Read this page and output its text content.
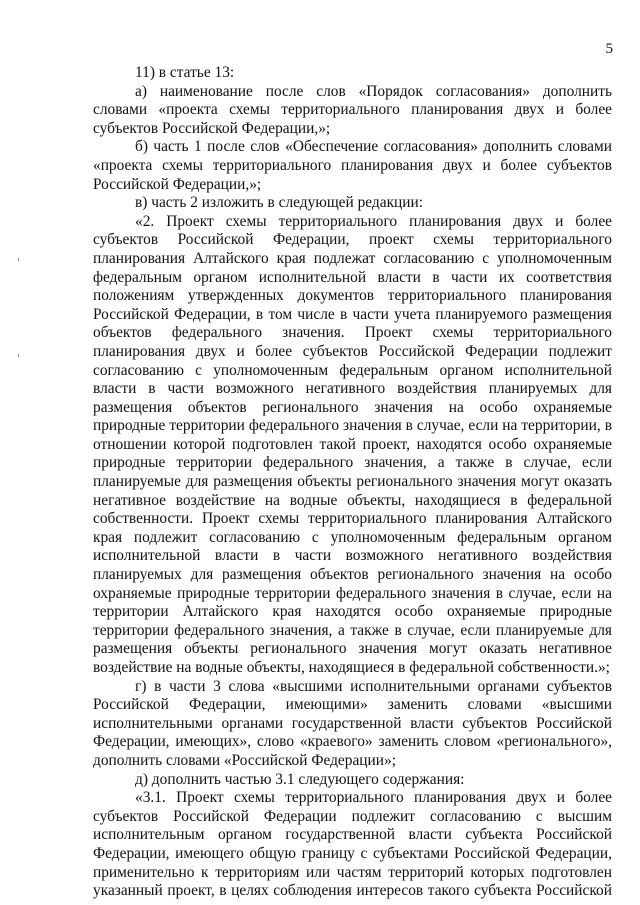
5

11) в статье 13:

а) наименование после слов «Порядок согласования» дополнить словами «проекта схемы территориального планирования двух и более субъектов Российской Федерации,»;

б) часть 1 после слов «Обеспечение согласования» дополнить словами «проекта схемы территориального планирования двух и более субъектов Российской Федерации,»;

в) часть 2 изложить в следующей редакции:

«2. Проект схемы территориального планирования двух и более субъектов Российской Федерации, проект схемы территориального планирования Алтайского края подлежат согласованию с уполномоченным федеральным органом исполнительной власти в части их соответствия положениям утвержденных документов территориального планирования Российской Федерации, в том числе в части учета планируемого размещения объектов федерального значения. Проект схемы территориального планирования двух и более субъектов Российской Федерации подлежит согласованию с уполномоченным федеральным органом исполнительной власти в части возможного негативного воздействия планируемых для размещения объектов регионального значения на особо охраняемые природные территории федерального значения в случае, если на территории, в отношении которой подготовлен такой проект, находятся особо охраняемые природные территории федерального значения, а также в случае, если планируемые для размещения объекты регионального значения могут оказать негативное воздействие на водные объекты, находящиеся в федеральной собственности. Проект схемы территориального планирования Алтайского края подлежит согласованию с уполномоченным федеральным органом исполнительной власти в части возможного негативного воздействия планируемых для размещения объектов регионального значения на особо охраняемые природные территории федерального значения в случае, если на территории Алтайского края находятся особо охраняемые природные территории федерального значения, а также в случае, если планируемые для размещения объекты регионального значения могут оказать негативное воздействие на водные объекты, находящиеся в федеральной собственности.»;

г) в части 3 слова «высшими исполнительными органами субъектов Российской Федерации, имеющими» заменить словами «высшими исполнительными органами государственной власти субъектов Российской Федерации, имеющих», слово «краевого» заменить словом «регионального», дополнить словами «Российской Федерации»;

д) дополнить частью 3.1 следующего содержания:

«3.1. Проект схемы территориального планирования двух и более субъектов Российской Федерации подлежит согласованию с высшим исполнительным органом государственной власти субъекта Российской Федерации, имеющего общую границу с субъектами Российской Федерации, применительно к территориям или частям территорий которых подготовлен указанный проект, в целях соблюдения интересов такого субъекта Российской
